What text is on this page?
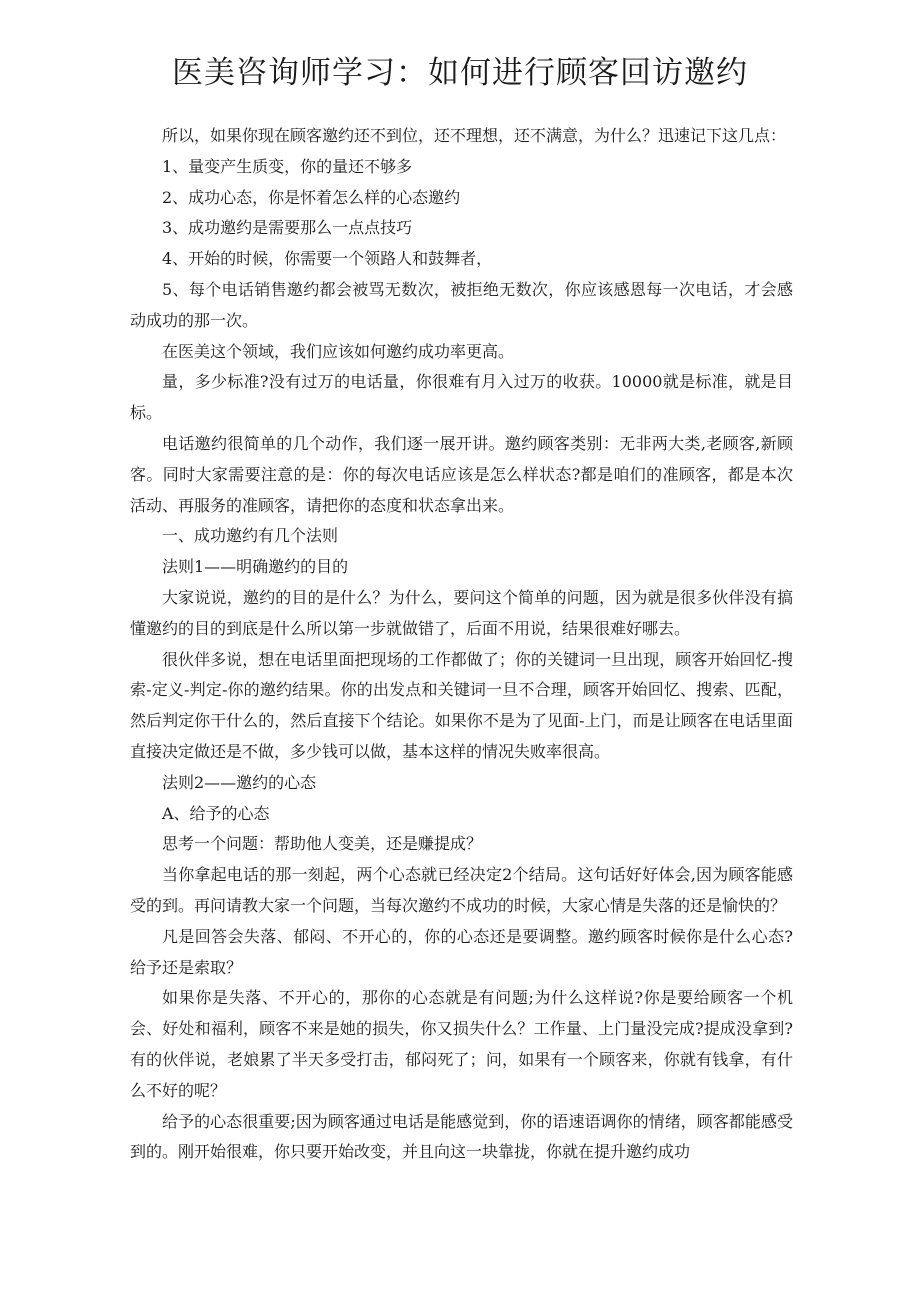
医美咨询师学习：如何进行顾客回访邀约

所以，如果你现在顾客邀约还不到位，还不理想，还不满意，为什么？迅速记下这几点：

1、量变产生质变，你的量还不够多

2、成功心态，你是怀着怎么样的心态邀约

3、成功邀约是需要那么一点点技巧

4、开始的时候，你需要一个领路人和鼓舞者，

5、每个电话销售邀约都会被骂无数次，被拒绝无数次，你应该感恩每一次电话，才会感动成功的那一次。

在医美这个领域，我们应该如何邀约成功率更高。

量，多少标准?没有过万的电话量，你很难有月入过万的收获。10000就是标准，就是目标。

电话邀约很简单的几个动作，我们逐一展开讲。邀约顾客类别：无非两大类,老顾客,新顾客。同时大家需要注意的是：你的每次电话应该是怎么样状态?都是咱们的准顾客，都是本次活动、再服务的准顾客，请把你的态度和状态拿出来。

一、成功邀约有几个法则

法则1——明确邀约的目的

大家说说，邀约的目的是什么？为什么，要问这个简单的问题，因为就是很多伙伴没有搞懂邀约的目的到底是什么所以第一步就做错了，后面不用说，结果很难好哪去。

很伙伴多说，想在电话里面把现场的工作都做了；你的关键词一旦出现，顾客开始回忆-搜索-定义-判定-你的邀约结果。你的出发点和关键词一旦不合理，顾客开始回忆、搜索、匹配，然后判定你干什么的，然后直接下个结论。如果你不是为了见面-上门，而是让顾客在电话里面直接决定做还是不做，多少钱可以做，基本这样的情况失败率很高。

法则2——邀约的心态

A、给予的心态

思考一个问题：帮助他人变美，还是赚提成？

当你拿起电话的那一刻起，两个心态就已经决定2个结局。这句话好好体会,因为顾客能感受的到。再问请教大家一个问题，当每次邀约不成功的时候，大家心情是失落的还是愉快的？

凡是回答会失落、郁闷、不开心的，你的心态还是要调整。邀约顾客时候你是什么心态?给予还是索取？

如果你是失落、不开心的，那你的心态就是有问题;为什么这样说?你是要给顾客一个机会、好处和福利，顾客不来是她的损失，你又损失什么？工作量、上门量没完成?提成没拿到?有的伙伴说，老娘累了半天多受打击，郁闷死了；问，如果有一个顾客来，你就有钱拿，有什么不好的呢？

给予的心态很重要;因为顾客通过电话是能感觉到，你的语速语调你的情绪，顾客都能感受到的。刚开始很难，你只要开始改变，并且向这一块靠拢，你就在提升邀约成功
